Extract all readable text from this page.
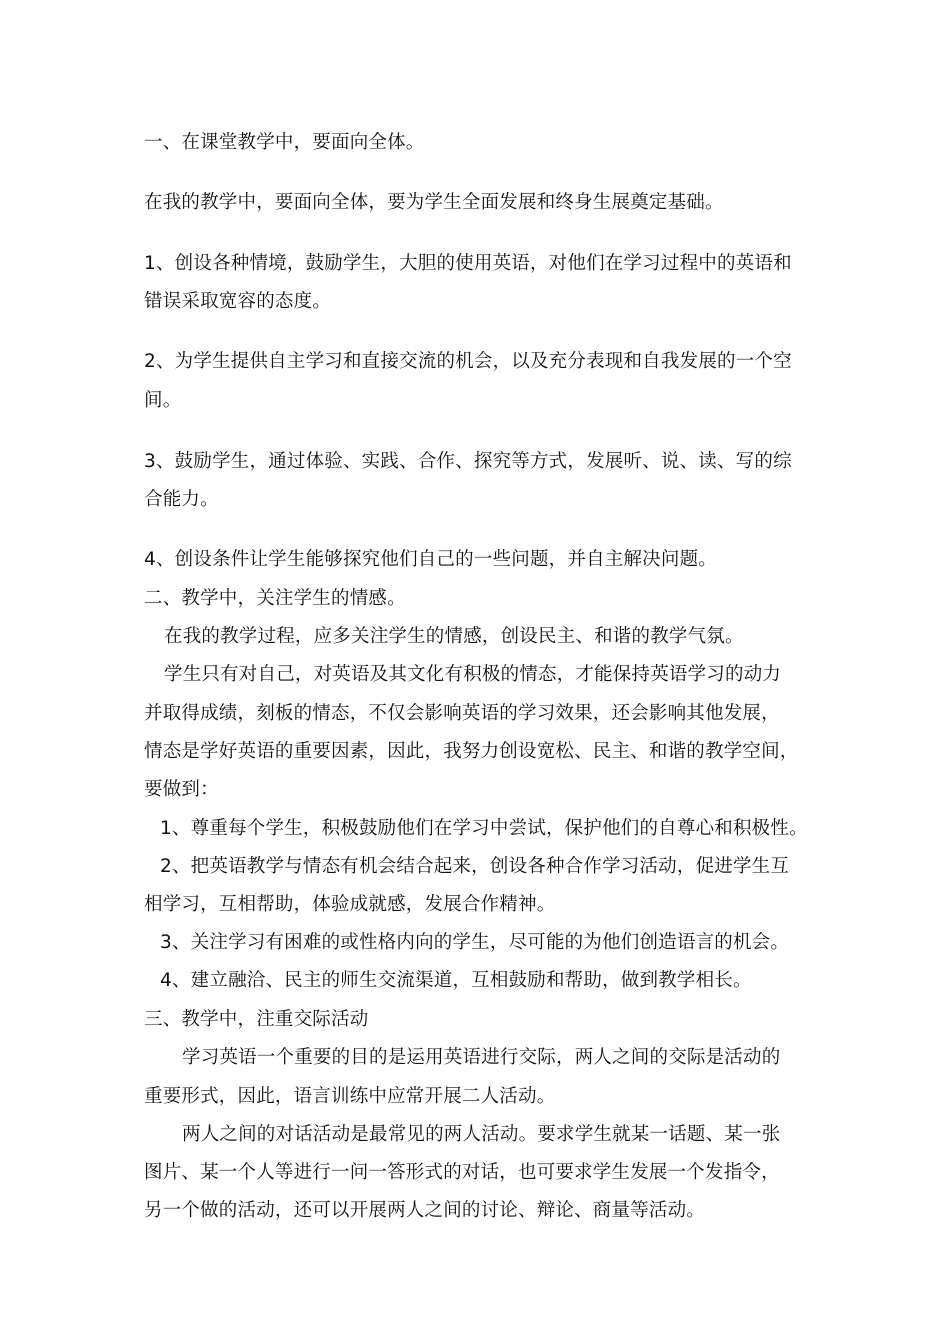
一、在课堂教学中，要面向全体。
在我的教学中，要面向全体，要为学生全面发展和终身生展奠定基础。
1、创设各种情境，鼓励学生，大胆的使用英语，对他们在学习过程中的英语和
错误采取宽容的态度。
2、为学生提供自主学习和直接交流的机会，以及充分表现和自我发展的一个空
间。
3、鼓励学生，通过体验、实践、合作、探究等方式，发展听、说、读、写的综
合能力。
4、创设条件让学生能够探究他们自己的一些问题，并自主解决问题。
二、教学中，关注学生的情感。
在我的教学过程，应多关注学生的情感，创设民主、和谐的教学气氛。
学生只有对自己，对英语及其文化有积极的情态，才能保持英语学习的动力
并取得成绩，刻板的情态，不仅会影响英语的学习效果，还会影响其他发展，
情态是学好英语的重要因素，因此，我努力创设宽松、民主、和谐的教学空间，
要做到：
1、尊重每个学生，积极鼓励他们在学习中尝试，保护他们的自尊心和积极性。
2、把英语教学与情态有机会结合起来，创设各种合作学习活动，促进学生互
相学习，互相帮助，体验成就感，发展合作精神。
3、关注学习有困难的或性格内向的学生，尽可能的为他们创造语言的机会。
4、建立融洽、民主的师生交流渠道，互相鼓励和帮助，做到教学相长。
三、教学中，注重交际活动
学习英语一个重要的目的是运用英语进行交际，两人之间的交际是活动的
重要形式，因此，语言训练中应常开展二人活动。
两人之间的对话活动是最常见的两人活动。要求学生就某一话题、某一张
图片、某一个人等进行一问一答形式的对话，也可要求学生发展一个发指令，
另一个做的活动，还可以开展两人之间的讨论、辩论、商量等活动。
